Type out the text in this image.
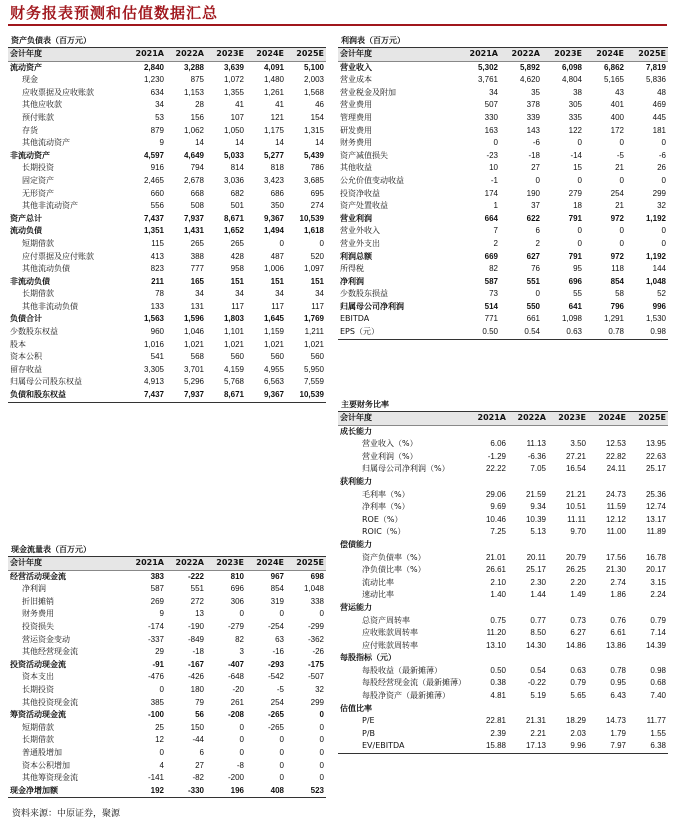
财务报表预测和估值数据汇总
资产负债表（百万元）
会计年度	2021A	2022A	2023E	2024E	2025E
流动资产	2,840	3,288	3,639	4,091	5,100
现金	1,230	875	1,072	1,480	2,003
应收票据及应收账款	634	1,153	1,355	1,261	1,568
其他应收款	34	28	41	41	46
预付账款	53	156	107	121	154
存货	879	1,062	1,050	1,175	1,315
其他流动资产	9	14	14	14	14
非流动资产	4,597	4,649	5,033	5,277	5,439
长期投资	916	794	814	818	786
固定资产	2,465	2,678	3,036	3,423	3,685
无形资产	660	668	682	686	695
其他非流动资产	556	508	501	350	274
资产总计	7,437	7,937	8,671	9,367	10,539
流动负债	1,351	1,431	1,652	1,494	1,618
短期借款	115	265	265	0	0
应付票据及应付账款	413	388	428	487	520
其他流动负债	823	777	958	1,006	1,097
非流动负债	211	165	151	151	151
长期借款	78	34	34	34	34
其他非流动负债	133	131	117	117	117
负债合计	1,563	1,596	1,803	1,645	1,769
少数股东权益	960	1,046	1,101	1,159	1,211
股本	1,016	1,021	1,021	1,021	1,021
资本公积	541	568	560	560	560
留存收益	3,305	3,701	4,159	4,955	5,950
归属母公司股东权益	4,913	5,296	5,768	6,563	7,559
负债和股东权益	7,437	7,937	8,671	9,367	10,539
现金流量表（百万元）
会计年度	2021A	2022A	2023E	2024E	2025E
经营活动现金流	383	-222	810	967	698
净利润	587	551	696	854	1,048
折旧摊销	269	272	306	319	338
财务费用	9	13	0	0	0
投资损失	-174	-190	-279	-254	-299
营运资金变动	-337	-849	82	63	-362
其他经营现金流	29	-18	3	-16	-26
投资活动现金流	-91	-167	-407	-293	-175
资本支出	-476	-426	-648	-542	-507
长期投资	0	180	-20	-5	32
其他投资现金流	385	79	261	254	299
筹资活动现金流	-100	56	-208	-265	0
短期借款	25	150	0	-265	0
长期借款	12	-44	0	0	0
普通股增加	0	6	0	0	0
资本公积增加	4	27	-8	0	0
其他筹资现金流	-141	-82	-200	0	0
现金净增加额	192	-330	196	408	523
利润表（百万元）
会计年度	2021A	2022A	2023E	2024E	2025E
营业收入	5,302	5,892	6,098	6,862	7,819
营业成本	3,761	4,620	4,804	5,165	5,836
营业税金及附加	34	35	38	43	48
营业费用	507	378	305	401	469
管理费用	330	339	335	400	445
研发费用	163	143	122	172	181
财务费用	0	-6	0	0	0
资产减值损失	-23	-18	-14	-5	-6
其他收益	10	27	15	21	26
公允价值变动收益	-1	0	0	0	0
投资净收益	174	190	279	254	299
资产处置收益	1	37	18	21	32
营业利润	664	622	791	972	1,192
营业外收入	7	6	0	0	0
营业外支出	2	2	0	0	0
利润总额	669	627	791	972	1,192
所得税	82	76	95	118	144
净利润	587	551	696	854	1,048
少数股东损益	73	0	55	58	52
归属母公司净利润	514	550	641	796	996
EBITDA	771	661	1,098	1,291	1,530
EPS（元）	0.50	0.54	0.63	0.78	0.98
主要财务比率
会计年度	2021A	2022A	2023E	2024E	2025E
成长能力					
营业收入（%）	6.06	11.13	3.50	12.53	13.95
营业利润（%）	-1.29	-6.36	27.21	22.82	22.63
归属母公司净利润（%）	22.22	7.05	16.54	24.11	25.17
获利能力					
毛利率（%）	29.06	21.59	21.21	24.73	25.36
净利率（%）	9.69	9.34	10.51	11.59	12.74
ROE（%）	10.46	10.39	11.11	12.12	13.17
ROIC（%）	7.25	5.13	9.70	11.00	11.89
偿债能力					
资产负债率（%）	21.01	20.11	20.79	17.56	16.78
净负债比率（%）	26.61	25.17	26.25	21.30	20.17
流动比率	2.10	2.30	2.20	2.74	3.15
速动比率	1.40	1.44	1.49	1.86	2.24
营运能力					
总资产周转率	0.75	0.77	0.73	0.76	0.79
应收账款周转率	11.20	8.50	6.27	6.61	7.14
应付账款周转率	13.10	14.30	14.86	13.86	14.39
每股指标（元）					
每股收益（最新摊薄）	0.50	0.54	0.63	0.78	0.98
每股经营现金流（最新摊薄）	0.38	-0.22	0.79	0.95	0.68
每股净资产（最新摊薄）	4.81	5.19	5.65	6.43	7.40
估值比率					
P/E	22.81	21.31	18.29	14.73	11.77
P/B	2.39	2.21	2.03	1.79	1.55
EV/EBITDA	15.88	17.13	9.96	7.97	6.38
资料来源：中原证券，聚源
